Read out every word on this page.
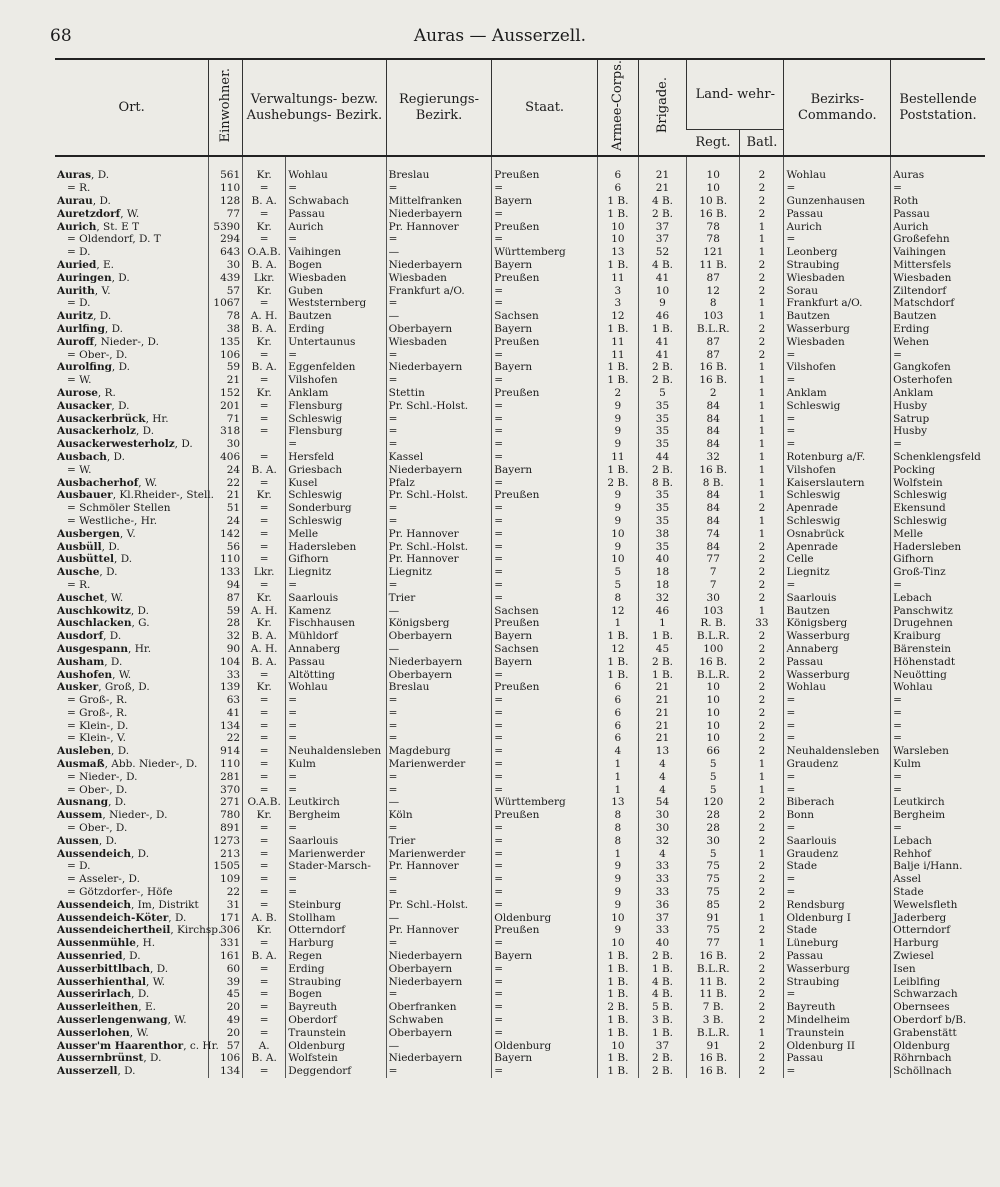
68	Auras — Ausserzell.
Ort.	Einwohner.	Verwaltungs- bezw. Aushebungs- Bezirk.		Regierungs- Bezirk.	Staat.	Armee-Corps.	Brigade.	Land- wehr-		Bezirks- Commando.	Bestellende Poststation.
								Regt.	Batl.		
Auras, D.	561	Kr.	Wohlau	Breslau	Preußen	6	21	10	2	Wohlau	Auras
= R.	110	=	=	=	=	6	21	10	2	=	=
Aurau, D.	128	B. A.	Schwabach	Mittelfranken	Bayern	1 B.	4 B.	10 B.	2	Gunzenhausen	Roth
Auretzdorf, W.	77	=	Passau	Niederbayern	=	1 B.	2 B.	16 B.	2	Passau	Passau
Aurich, St. E T	5390	Kr.	Aurich	Pr. Hannover	Preußen	10	37	78	1	Aurich	Aurich
= Oldendorf, D. T	294	=	=	=	=	10	37	78	1	=	Großefehn
= D.	643	O.A.B.	Vaihingen	—	Württemberg	13	52	121	1	Leonberg	Vaihingen
Auried, E.	30	B. A.	Bogen	Niederbayern	Bayern	1 B.	4 B.	11 B.	2	Straubing	Mittersfels
Auringen, D.	439	Lkr.	Wiesbaden	Wiesbaden	Preußen	11	41	87	2	Wiesbaden	Wiesbaden
Aurith, V.	57	Kr.	Guben	Frankfurt a/O.	=	3	10	12	2	Sorau	Ziltendorf
= D.	1067	=	Weststernberg	=	=	3	9	8	1	Frankfurt a/O.	Matschdorf
Auritz, D.	78	A. H.	Bautzen	—	Sachsen	12	46	103	1	Bautzen	Bautzen
Aurlfing, D.	38	B. A.	Erding	Oberbayern	Bayern	1 B.	1 B.	B.L.R.	2	Wasserburg	Erding
Auroff, Nieder-, D.	135	Kr.	Untertaunus	Wiesbaden	Preußen	11	41	87	2	Wiesbaden	Wehen
= Ober-, D.	106	=	=	=	=	11	41	87	2	=	=
Aurolfing, D.	59	B. A.	Eggenfelden	Niederbayern	Bayern	1 B.	2 B.	16 B.	1	Vilshofen	Gangkofen
= W.	21	=	Vilshofen	=	=	1 B.	2 B.	16 B.	1	=	Osterhofen
Aurose, R.	152	Kr.	Anklam	Stettin	Preußen	2	5	2	1	Anklam	Anklam
Ausacker, D.	201	=	Flensburg	Pr. Schl.-Holst.	=	9	35	84	1	Schleswig	Husby
Ausackerbrück, Hr.	71	=	Schleswig	=	=	9	35	84	1	=	Satrup
Ausackerholz, D.	318	=	Flensburg	=	=	9	35	84	1	=	Husby
Ausackerwesterholz, D.	30		=	=	=	9	35	84	1	=	=
Ausbach, D.	406	=	Hersfeld	Kassel	=	11	44	32	1	Rotenburg a/F.	Schenklengsfeld
= W.	24	B. A.	Griesbach	Niederbayern	Bayern	1 B.	2 B.	16 B.	1	Vilshofen	Pocking
Ausbacherhof, W.	22	=	Kusel	Pfalz	=	2 B.	8 B.	8 B.	1	Kaiserslautern	Wolfstein
Ausbauer, Kl.Rheider-, Stell.	21	Kr.	Schleswig	Pr. Schl.-Holst.	Preußen	9	35	84	1	Schleswig	Schleswig
= Schmöler Stellen	51	=	Sonderburg	=	=	9	35	84	2	Apenrade	Ekensund
= Westliche-, Hr.	24	=	Schleswig	=	=	9	35	84	1	Schleswig	Schleswig
Ausbergen, V.	142	=	Melle	Pr. Hannover	=	10	38	74	1	Osnabrück	Melle
Ausbüll, D.	56	=	Hadersleben	Pr. Schl.-Holst.	=	9	35	84	2	Apenrade	Hadersleben
Ausbüttel, D.	110	=	Gifhorn	Pr. Hannover	=	10	40	77	2	Celle	Gifhorn
Ausche, D.	133	Lkr.	Liegnitz	Liegnitz	=	5	18	7	2	Liegnitz	Groß-Tinz
= R.	94	=	=	=	=	5	18	7	2	=	=
Auschet, W.	87	Kr.	Saarlouis	Trier	=	8	32	30	2	Saarlouis	Lebach
Auschkowitz, D.	59	A. H.	Kamenz	—	Sachsen	12	46	103	1	Bautzen	Panschwitz
Auschlacken, G.	28	Kr.	Fischhausen	Königsberg	Preußen	1	1	R. B.	33	Königsberg	Drugehnen
Ausdorf, D.	32	B. A.	Mühldorf	Oberbayern	Bayern	1 B.	1 B.	B.L.R.	2	Wasserburg	Kraiburg
Ausgespann, Hr.	90	A. H.	Annaberg	—	Sachsen	12	45	100	2	Annaberg	Bärenstein
Ausham, D.	104	B. A.	Passau	Niederbayern	Bayern	1 B.	2 B.	16 B.	2	Passau	Höhenstadt
Aushofen, W.	33	=	Altötting	Oberbayern	=	1 B.	1 B.	B.L.R.	2	Wasserburg	Neuötting
Ausker, Groß, D.	139	Kr.	Wohlau	Breslau	Preußen	6	21	10	2	Wohlau	Wohlau
= Groß-, R.	63	=	=	=	=	6	21	10	2	=	=
= Groß-, R.	41	=	=	=	=	6	21	10	2	=	=
= Klein-, D.	134	=	=	=	=	6	21	10	2	=	=
= Klein-, V.	22	=	=	=	=	6	21	10	2	=	=
Ausleben, D.	914	=	Neuhaldensleben	Magdeburg	=	4	13	66	2	Neuhaldensleben	Warsleben
Ausmaß, Abb. Nieder-, D.	110	=	Kulm	Marienwerder	=	1	4	5	1	Graudenz	Kulm
= Nieder-, D.	281	=	=	=	=	1	4	5	1	=	=
= Ober-, D.	370	=	=	=	=	1	4	5	1	=	=
Ausnang, D.	271	O.A.B.	Leutkirch	—	Württemberg	13	54	120	2	Biberach	Leutkirch
Aussem, Nieder-, D.	780	Kr.	Bergheim	Köln	Preußen	8	30	28	2	Bonn	Bergheim
= Ober-, D.	891	=	=	=	=	8	30	28	2	=	=
Aussen, D.	1273	=	Saarlouis	Trier	=	8	32	30	2	Saarlouis	Lebach
Aussendeich, D.	213	=	Marienwerder	Marienwerder	=	1	4	5	1	Graudenz	Rehhof
= D.	1505	=	Stader-Marsch-	Pr. Hannover	=	9	33	75	2	Stade	Balje i/Hann.
= Asseler-, D.	109	=	=	=	=	9	33	75	2	=	Assel
= Götzdorfer-, Höfe	22	=	=	=	=	9	33	75	2	=	Stade
Aussendeich, Im, Distrikt	31	=	Steinburg	Pr. Schl.-Holst.	=	9	36	85	2	Rendsburg	Wewelsfleth
Aussendeich-Köter, D.	171	A. B.	Stollham	—	Oldenburg	10	37	91	1	Oldenburg I	Jaderberg
Aussendeichertheil, Kirchsp.	306	Kr.	Otterndorf	Pr. Hannover	Preußen	9	33	75	2	Stade	Otterndorf
Aussenmühle, H.	331	=	Harburg	=	=	10	40	77	1	Lüneburg	Harburg
Aussenried, D.	161	B. A.	Regen	Niederbayern	Bayern	1 B.	2 B.	16 B.	2	Passau	Zwiesel
Ausserbittlbach, D.	60	=	Erding	Oberbayern	=	1 B.	1 B.	B.L.R.	2	Wasserburg	Isen
Ausserhienthal, W.	39	=	Straubing	Niederbayern	=	1 B.	4 B.	11 B.	2	Straubing	Leiblfing
Ausserirlach, D.	45	=	Bogen	=	=	1 B.	4 B.	11 B.	2	=	Schwarzach
Ausserleithen, E.	20	=	Bayreuth	Oberfranken	=	2 B.	5 B.	7 B.	2	Bayreuth	Obernsees
Ausserlengenwang, W.	49	=	Oberdorf	Schwaben	=	1 B.	3 B.	3 B.	2	Mindelheim	Oberdorf b/B.
Ausserlohen, W.	20	=	Traunstein	Oberbayern	=	1 B.	1 B.	B.L.R.	1	Traunstein	Grabenstätt
Ausser'm Haarenthor, c. Hr.	57	A.	Oldenburg	—	Oldenburg	10	37	91	2	Oldenburg II	Oldenburg
Aussernbrünst, D.	106	B. A.	Wolfstein	Niederbayern	Bayern	1 B.	2 B.	16 B.	2	Passau	Röhrnbach
Ausserzell, D.	134	=	Deggendorf	=	=	1 B.	2 B.	16 B.	2	=	Schöllnach
